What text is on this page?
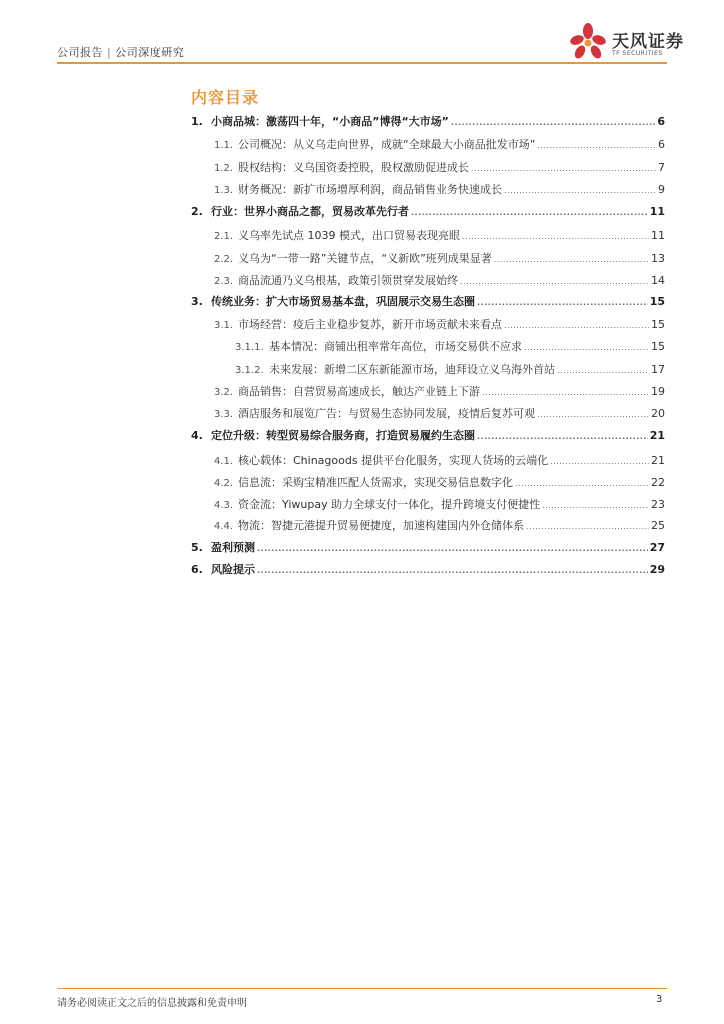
公司报告 | 公司深度研究
天风证券
TF SECURITIES
内容目录
1. 小商品城：激荡四十年，“小商品”博得“大市场” .....	6
1.1. 公司概况：从义乌走向世界，成就“全球最大小商品批发市场” .....	6
1.2. 股权结构：义乌国资委控股，股权激励促进成长 .....	7
1.3. 财务概况：新扩市场增厚利润，商品销售业务快速成长 .....	9
2. 行业：世界小商品之都，贸易改革先行者 .....	11
2.1. 义乌率先试点 1039 模式，出口贸易表现亮眼 .....	11
2.2. 义乌为“一带一路”关键节点，“义新欧”班列成果显著 .....	13
2.3. 商品流通乃义乌根基，政策引领贯穿发展始终 .....	14
3. 传统业务：扩大市场贸易基本盘，巩固展示交易生态圈 .....	15
3.1. 市场经营：疫后主业稳步复苏，新开市场贡献未来看点 .....	15
3.1.1. 基本情况：商铺出租率常年高位，市场交易供不应求 .....	15
3.1.2. 未来发展：新增二区东新能源市场，迪拜设立义乌海外首站 .....	17
3.2. 商品销售：自营贸易高速成长，触达产业链上下游 .....	19
3.3. 酒店服务和展览广告：与贸易生态协同发展，疫情后复苏可观 .....	20
4. 定位升级：转型贸易综合服务商，打造贸易履约生态圈 .....	21
4.1. 核心载体：Chinagoods 提供平台化服务，实现人货场的云端化 .....	21
4.2. 信息流：采购宝精准匹配人货需求，实现交易信息数字化 .....	22
4.3. 资金流：Yiwupay 助力全球支付一体化，提升跨境支付便捷性 .....	23
4.4. 物流：智捷元港提升贸易便捷度，加速构建国内外仓储体系 .....	25
5. 盈利预测 .....	27
6. 风险提示 .....	29
请务必阅读正文之后的信息披露和免责申明	3
